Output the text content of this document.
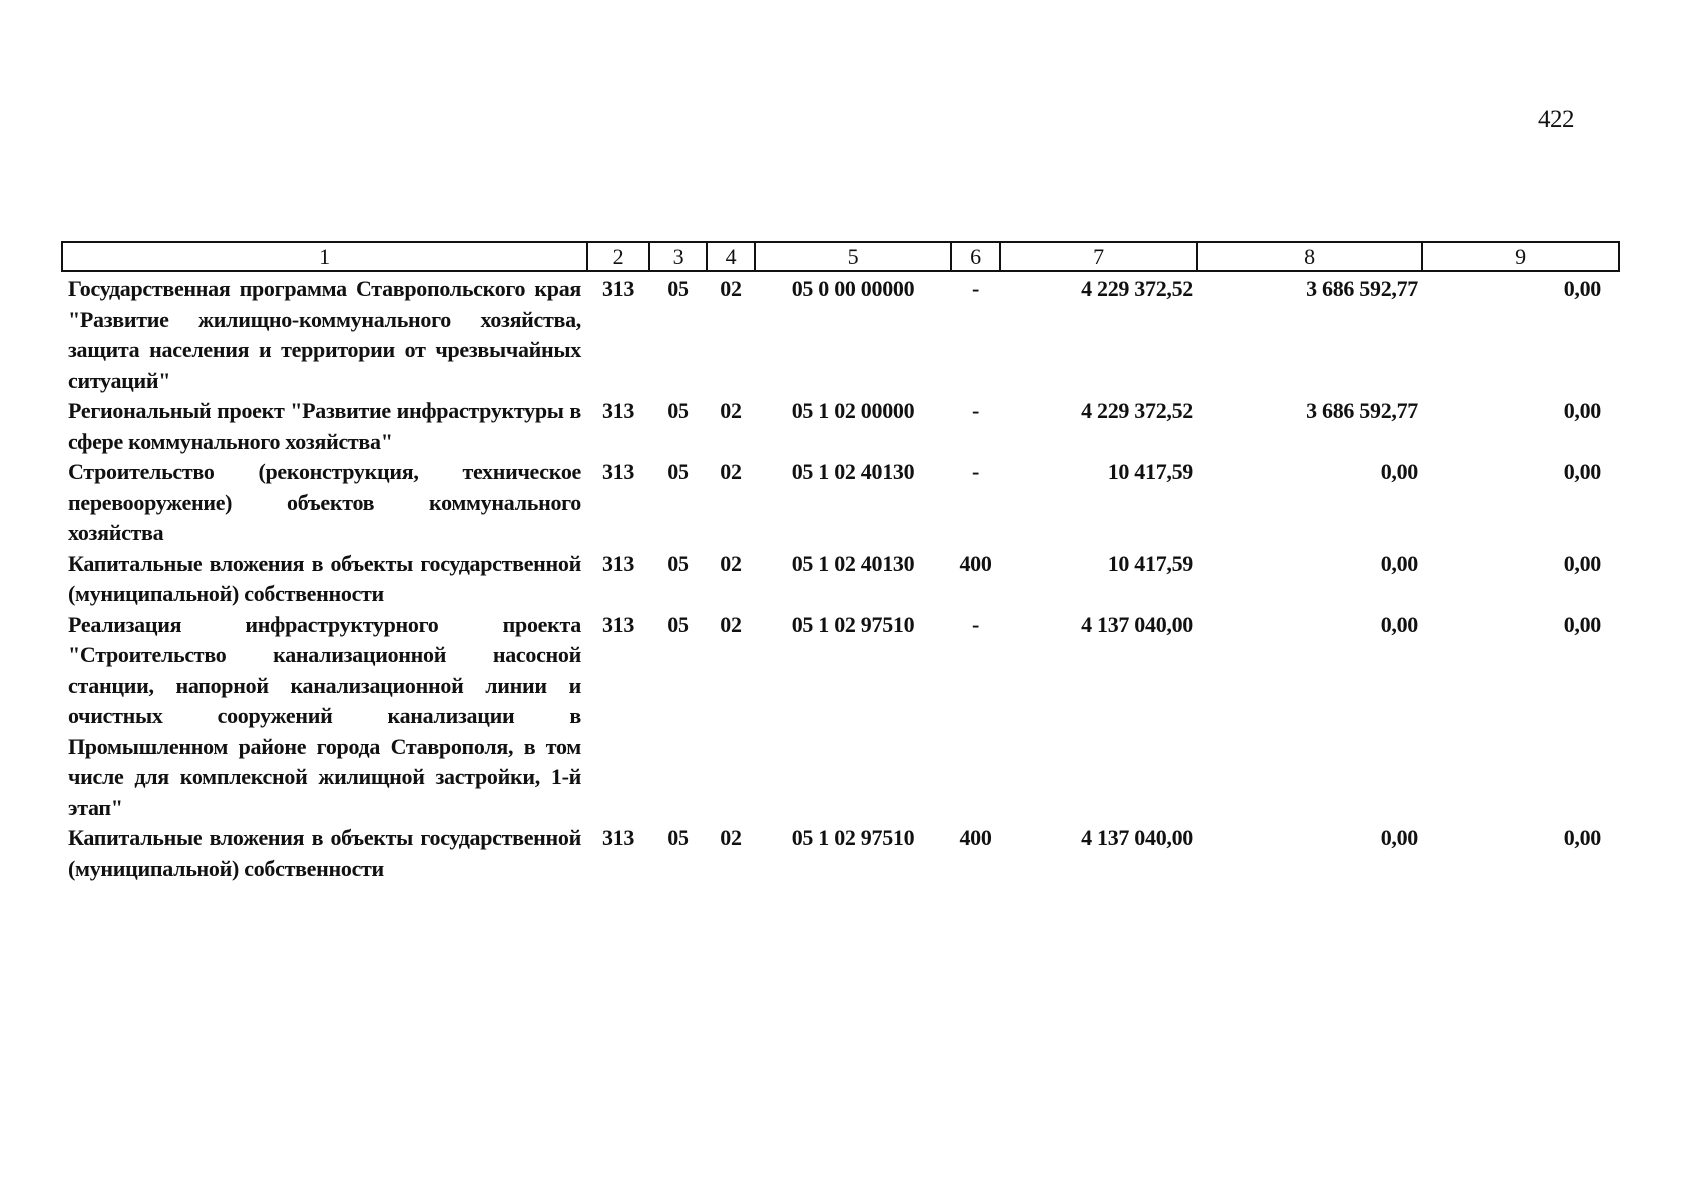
422
1	2	3	4	5	6	7	8	9
Государственная программа Ставропольского края "Развитие жилищно-коммунального хозяйства, защита населения и территории от чрезвычайных ситуаций"	313	05	02	05 0 00 00000	-	4 229 372,52	3 686 592,77	0,00
Региональный проект "Развитие инфраструктуры в сфере коммунального хозяйства"	313	05	02	05 1 02 00000	-	4 229 372,52	3 686 592,77	0,00
Строительство (реконструкция, техническое перевооружение) объектов коммунального хозяйства	313	05	02	05 1 02 40130	-	10 417,59	0,00	0,00
Капитальные вложения в объекты государственной (муниципальной) собственности	313	05	02	05 1 02 40130	400	10 417,59	0,00	0,00
Реализация инфраструктурного проекта "Строительство канализационной насосной станции, напорной канализационной линии и очистных сооружений канализации в Промышленном районе города Ставрополя, в том числе для комплексной жилищной застройки, 1-й этап"	313	05	02	05 1 02 97510	-	4 137 040,00	0,00	0,00
Капитальные вложения в объекты государственной (муниципальной) собственности	313	05	02	05 1 02 97510	400	4 137 040,00	0,00	0,00
